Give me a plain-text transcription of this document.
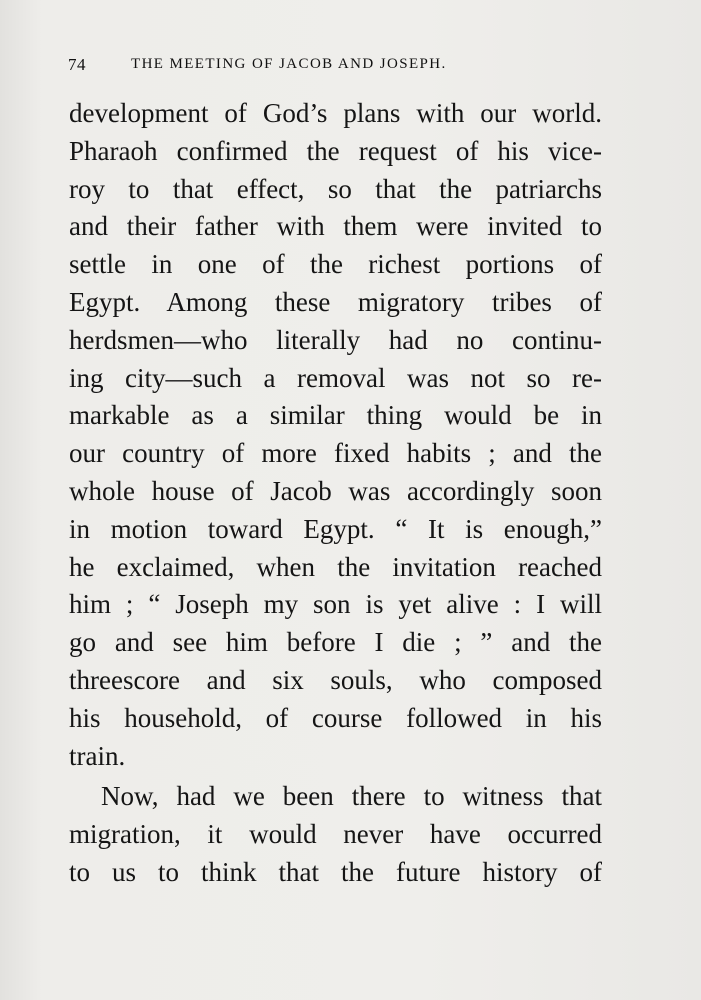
74	THE MEETING OF JACOB AND JOSEPH.
development of God’s plans with our world.
Pharaoh confirmed the request of his vice-
roy to that effect, so that the patriarchs
and their father with them were invited to
settle in one of the richest portions of
Egypt. Among these migratory tribes of
herdsmen—who literally had no continu-
ing city—such a removal was not so re-
markable as a similar thing would be in
our country of more fixed habits ; and the
whole house of Jacob was accordingly soon
in motion toward Egypt. “ It is enough,”
he exclaimed, when the invitation reached
him ; “ Joseph my son is yet alive : I will
go and see him before I die ; ” and the
threescore and six souls, who composed
his household, of course followed in his
train.
Now, had we been there to witness that
migration, it would never have occurred
to us to think that the future history of
